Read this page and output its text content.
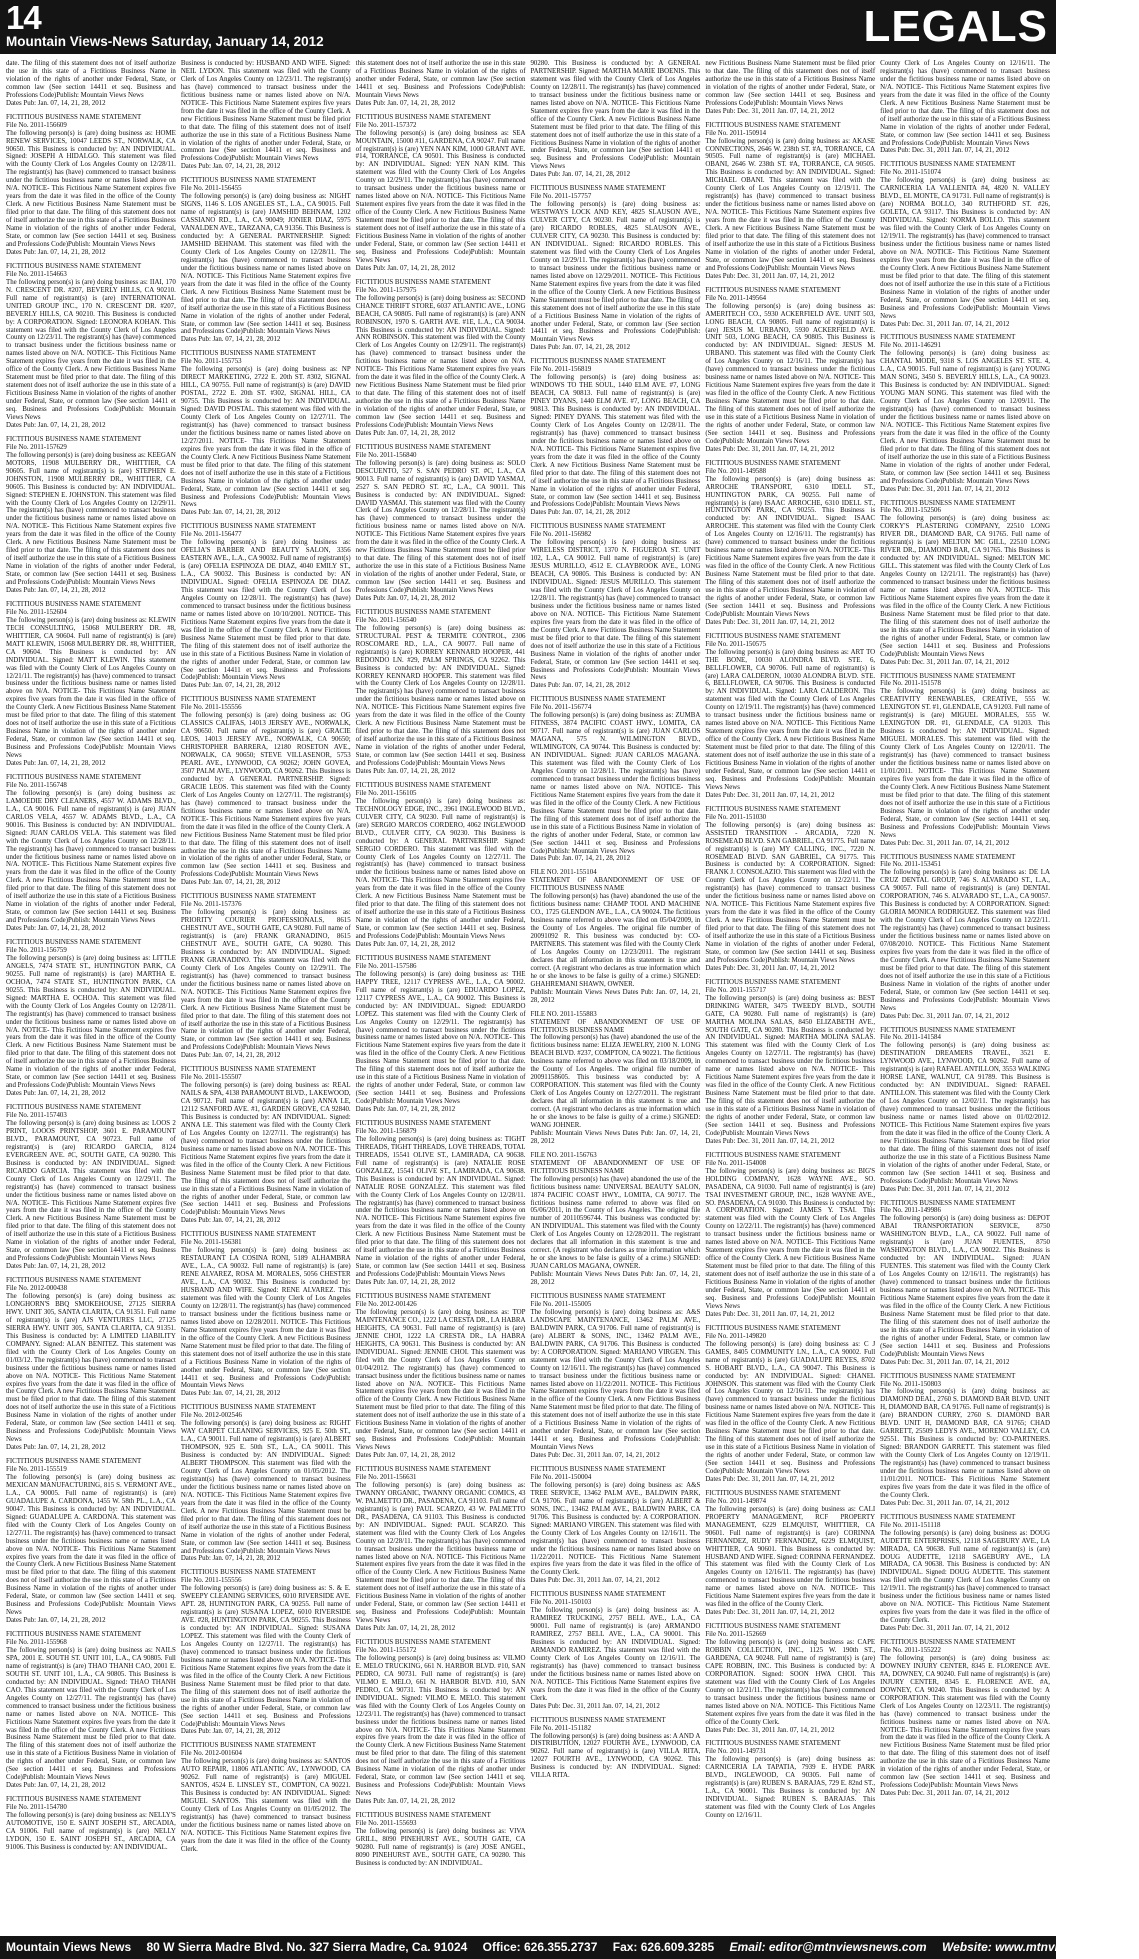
14
Mountain Views-News Saturday, January 14, 2012	LEGALS

date. The filing of this statement does not of itself authorize the use in this state of a Fictitious Business Name in violation of the rights of another under Federal, State, or common law (See section 14411 et seq. Business and Professions Code)Publish: Mountain Views News

Dates Pub: Jan. 07, 14, 21, 28, 2012

FICTITIOUS BUSINESS NAME STATEMENT

File No. 2011-156609

The following person(s) is (are) doing business as: HOME RENEW SERVICES, 10047 LEEDS ST., NORWALK, CA 90650. This Business is conducted by: AN INDIVIDUAL. Signed: JOSEPH A HIDALGO. This statement was filed with the County Clerk of Los Angeles County on 12/28/11. The registrant(s) has (have) commenced to transact business under the fictitious business name or names listed above on N/A. NOTICE- This Fictitious Name Statement expires five years from the date it was filed in the office of the County Clerk. A new Fictitious Business Name Statement must be filed prior to that date. The filing of this statement does not of itself authorize the use in this state of a Fictitious Business Name in violation of the rights of another under Federal, State, or common law (See section 14411 et seq. Business and Professions Code)Publish: Mountain Views News

Dates Pub: Jan. 07, 14, 21, 28, 2012

FICTITIOUS BUSINESS NAME STATEMENT

File No. 2011-154663

The following person(s) is (are) doing business as: IIAI, 170 N. CRESCENT DR. #207, BEVERLY HILLS, CA 90210. Full name of registrant(s) is (are) INTERNATIONAL UNITED GROUP INC., 170 N. CRESCENT DR. #207, BEVERLY HILLS, CA 90210. This Business is conducted by: A CORPORATION. Signed: LEONORA KOHAN. This statement was filed with the County Clerk of Los Angeles County on 12/23/11. The registrant(s) has (have) commenced to transact business under the fictitious business name or names listed above on N/A. NOTICE- This Fictitious Name Statement expires five years from the date it was filed in the office of the County Clerk. A new Fictitious Business Name Statement must be filed prior to that date. The filing of this statement does not of itself authorize the use in this state of a Fictitious Business Name in violation of the rights of another under Federal, State, or common law (See section 14411 et seq. Business and Professions Code)Publish: Mountain Views News

Dates Pub: Jan. 07, 14, 21, 28, 2012

FICTITIOUS BUSINESS NAME STATEMENT

File No. 2011-157629

The following person(s) is (are) doing business as: KEEGAN MOTORS, 11908 MULBERRY DR., WHITTIER, CA 90605. Full name of registrant(s) is (are) STEPHEN E. JOHNSTON, 11908 MULBERRY DR., WHITTIER, CA 90605. This Business is conducted by: AN INDIVIDUAL. Signed: STEPHEN E. JOHNSTON. This statement was filed with the County Clerk of Los Angeles County on 12/29/11. The registrant(s) has (have) commenced to transact business under the fictitious business name or names listed above on N/A. NOTICE- This Fictitious Name Statement expires five years from the date it was filed in the office of the County Clerk. A new Fictitious Business Name Statement must be filed prior to that date. The filing of this statement does not of itself authorize the use in this state of a Fictitious Business Name in violation of the rights of another under Federal, State, or common law (See section 14411 et seq. Business and Professions Code)Publish: Mountain Views News

Dates Pub: Jan. 07, 14, 21, 28, 2012

FICTITIOUS BUSINESS NAME STATEMENT

File No. 2011-152604

The following person(s) is (are) doing business as: KLEWIN TECH CONSULTING, 15068 MULBERRY DR. #8, WHITTIER, CA 90604. Full name of registrant(s) is (are) MATT KLEWIN, 15068 MULBERRY DR. #8, WHITTIER, CA 90604. This Business is conducted by: AN INDIVIDUAL. Signed: MATT KLEWIN. This statement was filed with the County Clerk of Los Angeles County on 12/21/11. The registrant(s) has (have) commenced to transact business under the fictitious business name or names listed above on N/A. NOTICE- This Fictitious Name Statement expires five years from the date it was filed in the office of the County Clerk. A new Fictitious Business Name Statement must be filed prior to that date. The filing of this statement does not of itself authorize the use in this state of a Fictitious Business Name in violation of the rights of another under Federal, State, or common law (See section 14411 et seq. Business and Professions Code)Publish: Mountain Views News

Dates Pub: Jan. 07, 14, 21, 28, 2012

FICTITIOUS BUSINESS NAME STATEMENT

File No. 2011-156748

The following person(s) is (are) doing business as: LAMOEDIE DRY CLEANERS, 4557 W. ADAMS BLVD., L.A., CA 90016. Full name of registrant(s) is (are) JUAN CARLOS VELA, 4557 W. ADAMS BLVD., L.A., CA 90016. This Business is conducted by: AN INDIVIDUAL. Signed: JUAN CARLOS VELA. This statement was filed with the County Clerk of Los Angeles County on 12/28/11. The registrant(s) has (have) commenced to transact business under the fictitious business name or names listed above on N/A. NOTICE- This Fictitious Name Statement expires five years from the date it was filed in the office of the County Clerk. A new Fictitious Business Name Statement must be filed prior to that date. The filing of this statement does not of itself authorize the use in this state of a Fictitious Business Name in violation of the rights of another under Federal, State, or common law (See section 14411 et seq. Business and Professions Code)Publish: Mountain Views News

Dates Pub: Jan. 07, 14, 21, 28, 2012

FICTITIOUS BUSINESS NAME STATEMENT

File No. 2011-156759

The following person(s) is (are) doing business as: LITTLE ANGELS, 7474 STATE ST., HUNTINGTON PARK, CA 90255. Full name of registrant(s) is (are) MARTHA E. OCHOA, 7474 STATE ST., HUNTINGTON PARK, CA 90255. This Business is conducted by: AN INDIVIDUAL. Signed: MARTHA E. OCHOA. This statement was filed with the County Clerk of Los Angeles County on 12/28/11. The registrant(s) has (have) commenced to transact business under the fictitious business name or names listed above on N/A. NOTICE- This Fictitious Name Statement expires five years from the date it was filed in the office of the County Clerk. A new Fictitious Business Name Statement must be filed prior to that date. The filing of this statement does not of itself authorize the use in this state of a Fictitious Business Name in violation of the rights of another under Federal, State, or common law (See section 14411 et seq. Business and Professions Code)Publish: Mountain Views News

Dates Pub: Jan. 07, 14, 21, 28, 2012

FICTITIOUS BUSINESS NAME STATEMENT

File No. 2011-157403

The following person(s) is (are) doing business as: LOOS 2 PRINT, LOOOS PRINTSHOP, 3601 E. PARAMOUNT BLVD., PARAMOUNT, CA 90723. Full name of registrant(s) is (are) RICARDO GARCIA, 8124 EVERGREEN AVE. #C, SOUTH GATE, CA 90280. This Business is conducted by: AN INDIVIDUAL. Signed: RICARDO GARCIA. This statement was filed with the County Clerk of Los Angeles County on 12/29/11. The registrant(s) has (have) commenced to transact business under the fictitious business name or names listed above on N/A. NOTICE- This Fictitious Name Statement expires five years from the date it was filed in the office of the County Clerk. A new Fictitious Business Name Statement must be filed prior to that date. The filing of this statement does not of itself authorize the use in this state of a Fictitious Business Name in violation of the rights of another under Federal, State, or common law (See section 14411 et seq. Business and Professions Code)Publish: Mountain Views News

Dates Pub: Jan. 07, 14, 21, 28, 2012

FICTITIOUS BUSINESS NAME STATEMENT

File No. 2012-000438

The following person(s) is (are) doing business as: LONGHORN'S BBQ SMOKEHOUSE, 27125 SIERRA HWY. UNIT 305, SANTA CLARITA, CA 91351. Full name of registrant(s) is (are) AJS VENTURES LLC, 27125 SIERRA HWY. UNIT 305, SANTA CLARITA, CA 91351. This Business is conducted by: A LIMITED LIABILITY COMPANY. Signed: ALAN BENITEZ. This statement was filed with the County Clerk of Los Angeles County on 01/03/12. The registrant(s) has (have) commenced to transact business under the fictitious business name or names listed above on N/A. NOTICE- This Fictitious Name Statement expires five years from the date it was filed in the office of the County Clerk. A new Fictitious Business Name Statement must be filed prior to that date. The filing of this statement does not of itself authorize the use in this state of a Fictitious Business Name in violation of the rights of another under Federal, State, or common law (See section 14411 et seq. Business and Professions Code)Publish: Mountain Views News

Dates Pub: Jan. 07, 14, 21, 28, 2012

FICTITIOUS BUSINESS NAME STATEMENT

File No. 2011-155519

The following person(s) is (are) doing business as: MEXICAN MANUFACTURING, 815 S. VERMONT AVE., L.A., CA 90005. Full name of registrant(s) is (are) GUADALUPE A. CARDONA, 1455 W. 58th PL., L.A., CA 90047. This Business is conducted by: AN INDIVIDUAL. Signed: GUADALUPE A. CARDONA. This statement was filed with the County Clerk of Los Angeles County on 12/27/11. The registrant(s) has (have) commenced to transact business under the fictitious business name or names listed above on N/A. NOTICE- This Fictitious Name Statement expires five years from the date it was filed in the office of the County Clerk. A new Fictitious Business Name Statement must be filed prior to that date. The filing of this statement does not of itself authorize the use in this state of a Fictitious Business Name in violation of the rights of another under Federal, State, or common law (See section 14411 et seq. Business and Professions Code)Publish: Mountain Views News

Dates Pub: Jan. 07, 14, 21, 28, 2012

FICTITIOUS BUSINESS NAME STATEMENT

File No. 2011-155968

The following person(s) is (are) doing business as: NAILS SPA, 2001 E. SOUTH ST. UNIT 101, L.A., CA 90805. Full name of registrant(s) is (are) THAO THANH CAO, 2001 E. SOUTH ST. UNIT 101, L.A., CA 90805. This Business is conducted by: AN INDIVIDUAL. Signed: THAO THANH CAO. This statement was filed with the County Clerk of Los Angeles County on 12/27/11. The registrant(s) has (have) commenced to transact business under the fictitious business name or names listed above on N/A. NOTICE- This Fictitious Name Statement expires five years from the date it was filed in the office of the County Clerk. A new Fictitious Business Name Statement must be filed prior to that date. The filing of this statement does not of itself authorize the use in this state of a Fictitious Business Name in violation of the rights of another under Federal, State, or common law (See section 14411 et seq. Business and Professions Code)Publish: Mountain Views News

Dates Pub: Jan. 07, 14, 21, 28, 2012

FICTITIOUS BUSINESS NAME STATEMENT

File No. 2011-154780

The following person(s) is (are) doing business as: NELLY'S AUTOMOTIVE, 150 E. SAINT JOSEPH ST., ARCADIA, CA 91006. Full name of registrant(s) is (are) NELLY LYDON, 150 E. SAINT JOSEPH ST., ARCADIA, CA 91006. This Business is conducted by: AN INDIVIDUAL.

Business is conducted by: HUSBAND AND WIFE. Signed: NEIL LYDON. This statement was filed with the County Clerk of Los Angeles County on 12/23/11. The registrant(s) has (have) commenced to transact business under the fictitious business name or names listed above on N/A. NOTICE- This Fictitious Name Statement expires five years from the date it was filed in the office of the County Clerk. A new Fictitious Business Name Statement must be filed prior to that date. The filing of this statement does not of itself authorize the use in this state of a Fictitious Business Name in violation of the rights of another under Federal, State, or common law (See section 14411 et seq. Business and Professions Code)Publish: Mountain Views News

Dates Pub: Jan. 07, 14, 21, 28, 2012

FICTITIOUS BUSINESS NAME STATEMENT

File No. 2011-156455

The following person(s) is (are) doing business as: NIGHT SIGNS, 1146 S. LOS ANGELES ST., L.A., CA 90015. Full name of registrant(s) is (are) JAMSHID BEHNAM, 1202 CASSIANO RD., L.A., CA 90049; JONIER DIAZ, 5975 VANALDEN AVE., TARZANA, CA 91356. This Business is conducted by: A GENERAL PARTNERSHIP. Signed: JAMSHID BEHNAM. This statement was filed with the County Clerk of Los Angeles County on 12/28/11. The registrant(s) has (have) commenced to transact business under the fictitious business name or names listed above on N/A. NOTICE- This Fictitious Name Statement expires five years from the date it was filed in the office of the County Clerk. A new Fictitious Business Name Statement must be filed prior to that date. The filing of this statement does not of itself authorize the use in this state of a Fictitious Business Name in violation of the rights of another under Federal, State, or common law (See section 14411 et seq. Business and Professions Code)Publish: Mountain Views News

Dates Pub: Jan. 07, 14, 21, 28, 2012

FICTITIOUS BUSINESS NAME STATEMENT

File No. 2011-155753

The following person(s) is (are) doing business as: NP DIRECT MARKETING, 2722 E. 20th ST. #302, SIGNAL HILL, CA 90755. Full name of registrant(s) is (are) DAVID POSTAL, 2722 E. 20th ST. #302, SIGNAL HILL, CA 90755. This Business is conducted by: AN INDIVIDUAL. Signed: DAVID POSTAL. This statement was filed with the County Clerk of Los Angeles County on 12/27/11. The registrant(s) has (have) commenced to transact business under the fictitious business name or names listed above on 12/27/2011. NOTICE- This Fictitious Name Statement expires five years from the date it was filed in the office of the County Clerk. A new Fictitious Business Name Statement must be filed prior to that date. The filing of this statement does not of itself authorize the use in this state of a Fictitious Business Name in violation of the rights of another under Federal, State, or common law (See section 14411 et seq. Business and Professions Code)Publish: Mountain Views News

Dates Pub: Jan. 07, 14, 21, 28, 2012

FICTITIOUS BUSINESS NAME STATEMENT

File No. 2011-156477

The following person(s) is (are) doing business as: OFELIA'S BARBER AND BEAUTY SALON, 3356 EASTERN AVE., L.A., CA 90032. Full name of registrant(s) is (are) OFELIA ESPINOZA DE DIAZ, 4040 EMILY ST., L.A., CA 90032. This Business is conducted by: AN INDIVIDUAL. Signed: OFELIA ESPINOZA DE DIAZ. This statement was filed with the County Clerk of Los Angeles County on 12/28/11. The registrant(s) has (have) commenced to transact business under the fictitious business name or names listed above on 10/10/2001. NOTICE- This Fictitious Name Statement expires five years from the date it was filed in the office of the County Clerk. A new Fictitious Business Name Statement must be filed prior to that date. The filing of this statement does not of itself authorize the use in this state of a Fictitious Business Name in violation of the rights of another under Federal, State, or common law (See section 14411 et seq. Business and Professions Code)Publish: Mountain Views News

Dates Pub: Jan. 07, 14, 21, 28, 2012

FICTITIOUS BUSINESS NAME STATEMENT

File No. 2011-155556

The following person(s) is (are) doing business as: OG CLASSICS CALIFAS, 14013 JERSEY AVE., NORWALK, CA 90650. Full name of registrant(s) is (are) GRACIE LEOS, 14013 JERSEY AVE., NORWALK, CA 90650; CHRISTOPHER BARRERA, 12180 ROSETON AVE., NORWALK, CA 90650; STEVE VILLASENOR, 5753 PEARL AVE., LYNWOOD, CA 90262; JOHN GOVEA, 3507 PALM AVE., LYNWOOD, CA 90262. This Business is conducted by: A GENERAL PARTNERSHIP. Signed: GRACIE LEOS. This statement was filed with the County Clerk of Los Angeles County on 12/27/11. The registrant(s) has (have) commenced to transact business under the fictitious business name or names listed above on N/A. NOTICE- This Fictitious Name Statement expires five years from the date it was filed in the office of the County Clerk. A new Fictitious Business Name Statement must be filed prior to that date. The filing of this statement does not of itself authorize the use in this state of a Fictitious Business Name in violation of the rights of another under Federal, State, or common law (See section 14411 et seq. Business and Professions Code)Publish: Mountain Views News

Dates Pub: Jan. 07, 14, 21, 28, 2012

FICTITIOUS BUSINESS NAME STATEMENT

File No. 2011-157376

The following person(s) is (are) doing business as: PRIORITY COURIER PROFESSIONALS, 8615 CHESTNUT AVE., SOUTH GATE, CA 90280. Full name of registrant(s) is (are) FRANK GRANADINO, 8615 CHESTNUT AVE., SOUTH GATE, CA 90280. This Business is conducted by: AN INDIVIDUAL. Signed: FRANK GRANADINO. This statement was filed with the County Clerk of Los Angeles County on 12/29/11. The registrant(s) has (have) commenced to transact business under the fictitious business name or names listed above on N/A. NOTICE- This Fictitious Name Statement expires five years from the date it was filed in the office of the County Clerk. A new Fictitious Business Name Statement must be filed prior to that date. The filing of this statement does not of itself authorize the use in this state of a Fictitious Business Name in violation of the rights of another under Federal, State, or common law (See section 14411 et seq. Business and Professions Code)Publish: Mountain Views News

Dates Pub: Jan. 07, 14, 21, 28, 2012

FICTITIOUS BUSINESS NAME STATEMENT

File No. 2011-155507

The following person(s) is (are) doing business as: REAL NAILS & SPA, 4138 PARAMOUNT BLVD., LAKEWOOD, CA 90712. Full name of registrant(s) is (are) ANNA LE, 12112 SANFORD AVE. #1, GARDEN GROVE, CA 92840. This Business is conducted by: AN INDIVIDUAL. Signed: ANNA LE. This statement was filed with the County Clerk of Los Angeles County on 12/27/11. The registrant(s) has (have) commenced to transact business under the fictitious business name or names listed above on N/A. NOTICE- This Fictitious Name Statement expires five years from the date it was filed in the office of the County Clerk. A new Fictitious Business Name Statement must be filed prior to that date. The filing of this statement does not of itself authorize the use in this state of a Fictitious Business Name in violation of the rights of another under Federal, State, or common law (See section 14411 et seq. Business and Professions Code)Publish: Mountain Views News

Dates Pub: Jan. 07, 14, 21, 28, 2012

FICTITIOUS BUSINESS NAME STATEMENT

File No. 2011-156381

The following person(s) is (are) doing business as: RESTAURANT LA COSINA RONI, 5189 ALHAMBRA AVE., L.A., CA 90032. Full name of registrant(s) is (are) RENE ALVAREZ, ROSA M. MORALES, 5056 CHESTER AVE., L.A., CA 90032. This Business is conducted by: HUSBAND AND WIFE. Signed: RENE ALVAREZ. This statement was filed with the County Clerk of Los Angeles County on 12/28/11. The registrant(s) has (have) commenced to transact business under the fictitious business name or names listed above on 12/28/2011. NOTICE- This Fictitious Name Statement expires five years from the date it was filed in the office of the County Clerk. A new Fictitious Business Name Statement must be filed prior to that date. The filing of this statement does not of itself authorize the use in this state of a Fictitious Business Name in violation of the rights of another under Federal, State, or common law (See section 14411 et seq. Business and Professions Code)Publish: Mountain Views News

Dates Pub: Jan. 07, 14, 21, 28, 2012

FICTITIOUS BUSINESS NAME STATEMENT

File No. 2012-002546

The following person(s) is (are) doing business as: RIGHT WAY CARPET CLEANING SERVICES, 925 E. 50th ST., L.A., CA 90011. Full name of registrant(s) is (are) ALBERT THOMPSON, 925 E. 50th ST., L.A., CA 90011. This Business is conducted by: AN INDIVIDUAL. Signed: ALBERT THOMPSON. This statement was filed with the County Clerk of Los Angeles County on 01/05/2012. The registrant(s) has (have) commenced to transact business under the fictitious business name or names listed above on N/A. NOTICE- This Fictitious Name Statement expires five years from the date it was filed in the office of the County Clerk. A new Fictitious Business Name Statement must be filed prior to that date. The filing of this statement does not of itself authorize the use in this state of a Fictitious Business Name in violation of the rights of another under Federal, State, or common law (See section 14411 et seq. Business and Professions Code)Publish: Mountain Views News

Dates Pub: Jan. 07, 14, 21, 28, 2012

FICTITIOUS BUSINESS NAME STATEMENT

File No. 2011-155556

The following person(s) is (are) doing business as: S. & E. SWEEPY CLEANING SERVICES, 6010 RIVERSIDE AVE. APT. 28, HUNTINGTON PARK, CA 90255. Full name of registrant(s) is (are) SUSANA LOPEZ, 6010 RIVERSIDE AVE. #28, HUNTINGTON PARK, CA 90255. This Business is conducted by: AN INDIVIDUAL. Signed: SUSANA LOPEZ. This statement was filed with the County Clerk of Los Angeles County on 12/27/11. The registrant(s) has (have) commenced to transact business under the fictitious business name or names listed above on N/A. NOTICE- This Fictitious Name Statement expires five years from the date it was filed in the office of the County Clerk. A new Fictitious Business Name Statement must be filed prior to that date. The filing of this statement does not of itself authorize the use in this state of a Fictitious Business Name in violation of the rights of another under Federal, State, or common law (See section 14411 et seq. Business and Professions Code)Publish: Mountain Views News

Dates Pub: Jan. 07, 14, 21, 28, 2012

FICTITIOUS BUSINESS NAME STATEMENT

File No. 2012-001604

The following person(s) is (are) doing business as: SANTOS AUTO REPAIR, 11806 ATLANTIC AV., LYNWOOD, CA 90262. Full name of registrant(s) is (are) MIGUEL SANTOS, 4524 E. LINSLEY ST., COMPTON, CA 90221. This Business is conducted by: AN INDIVIDUAL. Signed: MIGUEL SANTOS. This statement was filed with the County Clerk of Los Angeles County on 01/05/2012. The registrant(s) has (have) commenced to transact business under the fictitious business name or names listed above on N/A. NOTICE- This Fictitious Name Statement expires five years from the date it was filed in the office of the County Clerk.

this statement does not of itself authorize the use in this state of a Fictitious Business Name in violation of the rights of another under Federal, State, or common law (See section 14411 et seq. Business and Professions Code)Publish: Mountain Views News

Dates Pub: Jan. 07, 14, 21, 28, 2012

FICTITIOUS BUSINESS NAME STATEMENT

File No. 2011-157372

The following person(s) is (are) doing business as: SEA MOUNTAIN, 15000 #11, GARDENA, CA 90247. Full name of registrant(s) is (are) YEN NAN KIM, 1000 GRANT AVE. #14, TORRANCE, CA 90501. This Business is conducted by: AN INDIVIDUAL. Signed: YEN NAN KIM. This statement was filed with the County Clerk of Los Angeles County on 12/29/11. The registrant(s) has (have) commenced to transact business under the fictitious business name or names listed above on N/A. NOTICE- This Fictitious Name Statement expires five years from the date it was filed in the office of the County Clerk. A new Fictitious Business Name Statement must be filed prior to that date. The filing of this statement does not of itself authorize the use in this state of a Fictitious Business Name in violation of the rights of another under Federal, State, or common law (See section 14411 et seq. Business and Professions Code)Publish: Mountain Views News

Dates Pub: Jan. 07, 14, 21, 28, 2012

FICTITIOUS BUSINESS NAME STATEMENT

File No. 2011-157975

The following person(s) is (are) doing business as: SECOND CHANCE THRIFT STORE, 6037 ATLANTIC AVE., LONG BEACH, CA 90805. Full name of registrant(s) is (are) ANN ROBINSON, 1970 S. GARTH AVE. #1E, L.A., CA 90034. This Business is conducted by: AN INDIVIDUAL. Signed: ANN ROBINSON. This statement was filed with the County Clerk of Los Angeles County on 12/29/11. The registrant(s) has (have) commenced to transact business under the fictitious business name or names listed above on N/A. NOTICE- This Fictitious Name Statement expires five years from the date it was filed in the office of the County Clerk. A new Fictitious Business Name Statement must be filed prior to that date. The filing of this statement does not of itself authorize the use in this state of a Fictitious Business Name in violation of the rights of another under Federal, State, or common law (See section 14411 et seq. Business and Professions Code)Publish: Mountain Views News

Dates Pub: Jan. 07, 14, 21, 28, 2012

FICTITIOUS BUSINESS NAME STATEMENT

File No. 2011-156840

The following person(s) is (are) doing business as: SOLO DESCUENTO, 527 S. SAN PEDRO ST. #C, L.A., CA 90013. Full name of registrant(s) is (are) DAVID YASMAJ, 2527 S. SAN PEDRO ST. #C, L.A., CA 90011. This Business is conducted by: AN INDIVIDUAL. Signed: DAVID YASMAJ. This statement was filed with the County Clerk of Los Angeles County on 12/28/11. The registrant(s) has (have) commenced to transact business under the fictitious business name or names listed above on N/A. NOTICE- This Fictitious Name Statement expires five years from the date it was filed in the office of the County Clerk. A new Fictitious Business Name Statement must be filed prior to that date. The filing of this statement does not of itself authorize the use in this state of a Fictitious Business Name in violation of the rights of another under Federal, State, or common law (See section 14411 et seq. Business and Professions Code)Publish: Mountain Views News

Dates Pub: Jan. 07, 14, 21, 28, 2012

FICTITIOUS BUSINESS NAME STATEMENT

File No. 2011-156540

The following person(s) is (are) doing business as: STRUCTURAL PEST & TERMITE CONTROL, 2306 ROSCOMARE RD., L.A., CA 90077. Full name of registrant(s) is (are) KORREY KENNARD HOOPER, 441 REDONDO LN. #29, PALM SPRINGS, CA 92262. This Business is conducted by: AN INDIVIDUAL. Signed: KORREY KENNARD HOOPER. This statement was filed with the County Clerk of Los Angeles County on 12/28/11. The registrant(s) has (have) commenced to transact business under the fictitious business name or names listed above on N/A. NOTICE- This Fictitious Name Statement expires five years from the date it was filed in the office of the County Clerk. A new Fictitious Business Name Statement must be filed prior to that date. The filing of this statement does not of itself authorize the use in this state of a Fictitious Business Name in violation of the rights of another under Federal, State, or common law (See section 14411 et seq. Business and Professions Code)Publish: Mountain Views News

Dates Pub: Jan. 07, 14, 21, 28, 2012

FICTITIOUS BUSINESS NAME STATEMENT

File No. 2011-156105

The following person(s) is (are) doing business as: TECHNOLOGY EDGE, INC., 3961 INGLEWOOD BLVD., CULVER CITY, CA 90230. Full name of registrant(s) is (are) SERGIO MARCOS CORDERO, 4062 INGLEWOOD BLVD., CULVER CITY, CA 90230. This Business is conducted by: A GENERAL PARTNERSHIP. Signed: SERGIO CORDERO. This statement was filed with the County Clerk of Los Angeles County on 12/27/11. The registrant(s) has (have) commenced to transact business under the fictitious business name or names listed above on N/A. NOTICE- This Fictitious Name Statement expires five years from the date it was filed in the office of the County Clerk. A new Fictitious Business Name Statement must be filed prior to that date. The filing of this statement does not of itself authorize the use in this state of a Fictitious Business Name in violation of the rights of another under Federal, State, or common law (See section 14411 et seq. Business and Professions Code)Publish: Mountain Views News

Dates Pub: Jan. 07, 14, 21, 28, 2012

FICTITIOUS BUSINESS NAME STATEMENT

File No. 2011-157586

The following person(s) is (are) doing business as: THE HAPPY TREE, 12117 CYPRESS AVE., L.A., CA 90002. Full name of registrant(s) is (are) EDUARDO LOPEZ, 12117 CYPRESS AVE., L.A., CA 90002. This Business is conducted by: AN INDIVIDUAL. Signed: EDUARDO LOPEZ. This statement was filed with the County Clerk of Los Angeles County on 12/29/11. The registrant(s) has (have) commenced to transact business under the fictitious business name or names listed above on N/A. NOTICE- This Fictitious Name Statement expires five years from the date it was filed in the office of the County Clerk. A new Fictitious Business Name Statement must be filed prior to that date. The filing of this statement does not of itself authorize the use in this state of a Fictitious Business Name in violation of the rights of another under Federal, State, or common law (See section 14411 et seq. Business and Professions Code)Publish: Mountain Views News

Dates Pub: Jan. 07, 14, 21, 28, 2012

FICTITIOUS BUSINESS NAME STATEMENT

File No. 2011-156879

The following person(s) is (are) doing business as: TIGHT THREADS, TIGHT THREADS, LOVE THREADS, TOTAL THREADS, 15541 OLIVE ST., LAMIRADA, CA 90638. Full name of registrant(s) is (are) NATALIE ROSE GONZALEZ, 15541 OLIVE ST., LAMIRADA, CA 90638. This Business is conducted by: AN INDIVIDUAL. Signed: NATALIE ROSE GONZALEZ. This statement was filed with the County Clerk of Los Angeles County on 12/28/11. The registrant(s) has (have) commenced to transact business under the fictitious business name or names listed above on N/A. NOTICE- This Fictitious Name Statement expires five years from the date it was filed in the office of the County Clerk. A new Fictitious Business Name Statement must be filed prior to that date. The filing of this statement does not of itself authorize the use in this state of a Fictitious Business Name in violation of the rights of another under Federal, State, or common law (See section 14411 et seq. Business and Professions Code)Publish: Mountain Views News

Dates Pub: Jan. 07, 14, 21, 28, 2012

FICTITIOUS BUSINESS NAME STATEMENT

File No. 2012-001426

The following person(s) is (are) doing business as: TOP MAINTENANCE CO., 1222 LA CRESTA DR., LA HABRA HEIGHTS, CA 90631. Full name of registrant(s) is (are) JENNIE CHOI, 1222 LA CRESTA DR., LA HABRA HEIGHTS, CA 90631. This Business is conducted by: AN INDIVIDUAL. Signed: JENNIE CHOI. This statement was filed with the County Clerk of Los Angeles County on 01/04/2012. The registrant(s) has (have) commenced to transact business under the fictitious business name or names listed above on N/A. NOTICE- This Fictitious Name Statement expires five years from the date it was filed in the office of the County Clerk. A new Fictitious Business Name Statement must be filed prior to that date. The filing of this statement does not of itself authorize the use in this state of a Fictitious Business Name in violation of the rights of another under Federal, State, or common law (See section 14411 et seq. Business and Professions Code)Publish: Mountain Views News

Dates Pub: Jan. 07, 14, 21, 28, 2012

FICTITIOUS BUSINESS NAME STATEMENT

File No. 2011-156631

The following person(s) is (are) doing business as: TWANNY ORGANIC, TWANNY ORGANIC COMICS, 43 W. PALMETTO DR., PASADENA, CA 91103. Full name of registrant(s) is (are) PAUL SCARZO, 43 W. PALMETTO DR., PASADENA, CA 91103. This Business is conducted by: AN INDIVIDUAL. Signed: PAUL SCARZO. This statement was filed with the County Clerk of Los Angeles County on 12/28/11. The registrant(s) has (have) commenced to transact business under the fictitious business name or names listed above on N/A. NOTICE- This Fictitious Name Statement expires five years from the date it was filed in the office of the County Clerk. A new Fictitious Business Name Statement must be filed prior to that date. The filing of this statement does not of itself authorize the use in this state of a Fictitious Business Name in violation of the rights of another under Federal, State, or common law (See section 14411 et seq. Business and Professions Code)Publish: Mountain Views News

Dates Pub: Jan. 07, 14, 21, 28, 2012

FICTITIOUS BUSINESS NAME STATEMENT

File No. 2011-155172

The following person(s) is (are) doing business as: VILMO E. MELO TRUCKING, 661 N. HARBOR BLVD. #10, SAN PEDRO, CA 90731. Full name of registrant(s) is (are) VILMO E. MELO, 661 N. HARBOR BLVD. #10, SAN PEDRO, CA 90731. This Business is conducted by: AN INDIVIDUAL. Signed: VILMO E. MELO. This statement was filed with the County Clerk of Los Angeles County on 12/23/11. The registrant(s) has (have) commenced to transact business under the fictitious business name or names listed above on N/A. NOTICE- This Fictitious Name Statement expires five years from the date it was filed in the office of the County Clerk. A new Fictitious Business Name Statement must be filed prior to that date. The filing of this statement does not of itself authorize the use in this state of a Fictitious Business Name in violation of the rights of another under Federal, State, or common law (See section 14411 et seq. Business and Professions Code)Publish: Mountain Views News

Dates Pub: Jan. 07, 14, 21, 28, 2012

FICTITIOUS BUSINESS NAME STATEMENT

File No. 2011-155693

The following person(s) is (are) doing business as: VIVA GRILL, 8090 PINEHURST AVE., SOUTH GATE, CA 90280. Full name of registrant(s) is (are) JOSE ANGEL, 8090 PINEHURST AVE., SOUTH GATE, CA 90280. This Business is conducted by: AN INDIVIDUAL.

90280. This Business is conducted by: A GENERAL PARTNERSHIP. Signed: MARTHA MARIE IBOENIS. This statement was filed with the County Clerk of Los Angeles County on 12/28/11. The registrant(s) has (have) commenced to transact business under the fictitious business name or names listed above on N/A. NOTICE- This Fictitious Name Statement expires five years from the date it was filed in the office of the County Clerk. A new Fictitious Business Name Statement must be filed prior to that date. The filing of this statement does not of itself authorize the use in this state of a Fictitious Business Name in violation of the rights of another under Federal, State, or common law (See section 14411 et seq. Business and Professions Code)Publish: Mountain Views News

Dates Pub: Jan. 07, 14, 21, 28, 2012

FICTITIOUS BUSINESS NAME STATEMENT

File No. 2011-157757

The following person(s) is (are) doing business as: WESTWAYS LOCK AND KEY, 4825 SLAUSON AVE., CULVER CITY, CA 90230. Full name of registrant(s) is (are) RICARDO ROBLES, 4825 SLAUSON AVE., CULVER CITY, CA 90230. This Business is conducted by: AN INDIVIDUAL. Signed: RICARDO ROBLES. This statement was filed with the County Clerk of Los Angeles County on 12/29/11. The registrant(s) has (have) commenced to transact business under the fictitious business name or names listed above on 12/29/2011. NOTICE- This Fictitious Name Statement expires five years from the date it was filed in the office of the County Clerk. A new Fictitious Business Name Statement must be filed prior to that date. The filing of this statement does not of itself authorize the use in this state of a Fictitious Business Name in violation of the rights of another under Federal, State, or common law (See section 14411 et seq. Business and Professions Code)Publish: Mountain Views News

Dates Pub: Jan. 07, 14, 21, 28, 2012

FICTITIOUS BUSINESS NAME STATEMENT

File No. 2011-156819

The following person(s) is (are) doing business as: WINDOWS TO THE SOUL, 1440 ELM AVE. #7, LONG BEACH, CA 90813. Full name of registrant(s) is (are) PINEY DYANS, 1440 ELM AVE. #7, LONG BEACH, CA 90813. This Business is conducted by: AN INDIVIDUAL. Signed: PINEY DYANS. This statement was filed with the County Clerk of Los Angeles County on 12/28/11. The registrant(s) has (have) commenced to transact business under the fictitious business name or names listed above on N/A. NOTICE- This Fictitious Name Statement expires five years from the date it was filed in the office of the County Clerk. A new Fictitious Business Name Statement must be filed prior to that date. The filing of this statement does not of itself authorize the use in this state of a Fictitious Business Name in violation of the rights of another under Federal, State, or common law (See section 14411 et seq. Business and Professions Code)Publish: Mountain Views News

Dates Pub: Jan. 07, 14, 21, 28, 2012

FICTITIOUS BUSINESS NAME STATEMENT

File No. 2011-156982

The following person(s) is (are) doing business as: WIRELESS DISTRICT, 1370 N. FIGUEROA ST. UNIT 102, L.A., CA 90012. Full name of registrant(s) is (are) JESUS MURILLO, 4512 E. CLAYBROOK AVE., LONG BEACH, CA 90805. This Business is conducted by: AN INDIVIDUAL. Signed: JESUS MURILLO. This statement was filed with the County Clerk of Los Angeles County on 12/28/11. The registrant(s) has (have) commenced to transact business under the fictitious business name or names listed above on N/A. NOTICE- This Fictitious Name Statement expires five years from the date it was filed in the office of the County Clerk. A new Fictitious Business Name Statement must be filed prior to that date. The filing of this statement does not of itself authorize the use in this state of a Fictitious Business Name in violation of the rights of another under Federal, State, or common law (See section 14411 et seq. Business and Professions Code)Publish: Mountain Views News

Dates Pub: Jan. 07, 14, 21, 28, 2012

FICTITIOUS BUSINESS NAME STATEMENT

File No. 2011-156774

The following person(s) is (are) doing business as: ZUMBA FITNESS, 3874 PACIFIC COAST HWY., LOMITA, CA 90717. Full name of registrant(s) is (are) JUAN CARLOS MAGANA, 575 N. WILMINGTON BLVD., WILMINGTON, CA 90744. This Business is conducted by: AN INDIVIDUAL. Signed: JUAN CARLOS MAGANA. This statement was filed with the County Clerk of Los Angeles County on 12/28/11. The registrant(s) has (have) commenced to transact business under the fictitious business name or names listed above on N/A. NOTICE- This Fictitious Name Statement expires five years from the date it was filed in the office of the County Clerk. A new Fictitious Business Name Statement must be filed prior to that date. The filing of this statement does not of itself authorize the use in this state of a Fictitious Business Name in violation of the rights of another under Federal, State, or common law (See section 14411 et seq. Business and Professions Code)Publish: Mountain Views News

Dates Pub: Jan. 07, 14, 21, 28, 2012

FILE NO. 2011-155104

STATEMENT OF ABANDONMENT OF USE OF FICTITIOUS BUSINESS NAME

The following person(s) has (have) abandoned the use of the fictitious business name: CHAMP TOOL AND MACHINE CO., 1725 GLENDON AVE., L.A., CA 90024. The fictitious business name referred to above was filed on 05/04/2009, in the County of Los Angeles. The original file number of 20091092 R. This business was conducted by: CO-PARTNERS. This statement was filed with the County Clerk of Los Angeles County on 12/23/2011. The registrant declares that all information in this statement is true and correct. (A registrant who declares as true information which he or she knows to be false is guilty of a crime.) SIGNED: GHAHREMANI SHAWN, OWNER.

Publish: Mountain Views News Dates Pub: Jan. 07, 14, 21, 28, 2012

FILE NO. 2011-155883

STATEMENT OF ABANDONMENT OF USE OF FICTITIOUS BUSINESS NAME

The following person(s) has (have) abandoned the use of the fictitious business name: ELIZA JEWELRY, 2100 N. LONG BEACH BLVD. #237, COMPTON, CA 90221. The fictitious business name referred to above was filed on 03/18/2009, in the County of Los Angeles. The original file number of 20091158605. This business was conducted by: A CORPORATION. This statement was filed with the County Clerk of Los Angeles County on 12/27/2011. The registrant declares that all information in this statement is true and correct. (A registrant who declares as true information which he or she knows to be false is guilty of a crime.) SIGNED: WANG JOHNER.

Publish: Mountain Views News Dates Pub: Jan. 07, 14, 21, 28, 2012

FILE NO. 2011-156763

STATEMENT OF ABANDONMENT OF USE OF FICTITIOUS BUSINESS NAME

The following person(s) has (have) abandoned the use of the fictitious business name: UNIVERSAL BEAUTY SALON, 1874 PACIFIC COAST HWY., LOMITA, CA 90717. The fictitious business name referred to above was filed on 05/06/2011, in the County of Los Angeles. The original file number of 20110596744. This business was conducted by: AN INDIVIDUAL. This statement was filed with the County Clerk of Los Angeles County on 12/28/2011. The registrant declares that all information in this statement is true and correct. (A registrant who declares as true information which he or she knows to be false is guilty of a crime.) SIGNED: JUAN CARLOS MAGANA, OWNER.

Publish: Mountain Views News Dates Pub: Jan. 07, 14, 21, 28, 2012

FICTITIOUS BUSINESS NAME STATEMENT

File No. 2011-155005

The following person(s) is (are) doing business as: A&S LANDSCAPE MAINTENANCE, 13462 PALM AVE., BALDWIN PARK, CA 91706. Full name of registrant(s) is (are) ALBERT & SONS, INC., 13462 PALM AVE., BALDWIN PARK, CA 91706. This Business is conducted by: A CORPORATION. Signed: MARIANO VIRGEN. This statement was filed with the County Clerk of Los Angeles County on 12/16/11. The registrant(s) has (have) commenced to transact business under the fictitious business name or names listed above on 11/22/2011. NOTICE- This Fictitious Name Statement expires five years from the date it was filed in the office of the County Clerk. A new Fictitious Business Name Statement must be filed prior to that date. The filing of this statement does not of itself authorize the use in this state of a Fictitious Business Name in violation of the rights of another under Federal, State, or common law (See section 14411 et seq. Business and Professions Code)Publish: Mountain Views News

Dates Pub: Dec. 31, 2011 Jan. 07, 14, 21, 2012

FICTITIOUS BUSINESS NAME STATEMENT

File No. 2011-150004

The following person(s) is (are) doing business as: A&S TREE SERVICE, 13462 PALM AVE., BALDWIN PARK, CA 91706. Full name of registrant(s) is (are) ALBERT & SONS, INC., 13462 PALM AVE., BALDWIN PARK, CA 91706. This Business is conducted by: A CORPORATION. Signed: MARIANO VIRGEN. This statement was filed with the County Clerk of Los Angeles County on 12/16/11. The registrant(s) has (have) commenced to transact business under the fictitious business name or names listed above on 11/22/2011. NOTICE- This Fictitious Name Statement expires five years from the date it was filed in the office of the County Clerk.

Dates Pub: Dec. 31, 2011 Jan. 07, 14, 21, 2012

FICTITIOUS BUSINESS NAME STATEMENT

File No. 2011-150103

The following person(s) is (are) doing business as: A. RAMIREZ TRUCKING, 2757 BELL AVE., L.A., CA 90001. Full name of registrant(s) is (are) ARMANDO RAMIREZ, 2757 BELL AVE., L.A., CA 90001. This Business is conducted by: AN INDIVIDUAL. Signed: ARMANDO RAMIREZ. This statement was filed with the County Clerk of Los Angeles County on 12/16/11. The registrant(s) has (have) commenced to transact business under the fictitious business name or names listed above on N/A. NOTICE- This Fictitious Name Statement expires five years from the date it was filed in the office of the County Clerk.

Dates Pub: Dec. 31, 2011 Jan. 07, 14, 21, 2012

FICTITIOUS BUSINESS NAME STATEMENT

File No. 2011-151182

The following person(s) is (are) doing business as: A AND A DISTRIBUTION, 12027 FOURTH AVE., LYNWOOD, CA 90262. Full name of registrant(s) is (are) VILLA RITA, 12027 FOURTH AVE., LYNWOOD, CA 90262. This Business is conducted by: AN INDIVIDUAL. Signed: VILLA RITA.

new Fictitious Business Name Statement must be filed prior to that date. The filing of this statement does not of itself authorize the use in this state of a Fictitious Business Name in violation of the rights of another under Federal, State, or common law (See section 14411 et seq. Business and Professions Code)Publish: Mountain Views News

Dates Pub: Dec. 31, 2011 Jan. 07, 14, 21, 2012

FICTITIOUS BUSINESS NAME STATEMENT

File No. 2011-150914

The following person(s) is (are) doing business as: AKASE CONNECTIONS, 2646 W. 238th ST. #A, TORRANCE, CA 90505. Full name of registrant(s) is (are) MICHAEL OBANI, 2646 W. 238th ST. #A, TORRANCE, CA 90505. This Business is conducted by: AN INDIVIDUAL. Signed: MICHAEL OBANI. This statement was filed with the County Clerk of Los Angeles County on 12/19/11. The registrant(s) has (have) commenced to transact business under the fictitious business name or names listed above on N/A. NOTICE- This Fictitious Name Statement expires five years from the date it was filed in the office of the County Clerk. A new Fictitious Business Name Statement must be filed prior to that date. The filing of this statement does not of itself authorize the use in this state of a Fictitious Business Name in violation of the rights of another under Federal, State, or common law (See section 14411 et seq. Business and Professions Code)Publish: Mountain Views News

Dates Pub: Dec. 31, 2011 Jan. 07, 14, 21, 2012

FICTITIOUS BUSINESS NAME STATEMENT

File No. 2011-149564

The following person(s) is (are) doing business as: AMERITECH CO., 5930 ACKERFIELD AVE. UNIT 503, LONG BEACH, CA 90805. Full name of registrant(s) is (are) JESUS M. URBANO, 5930 ACKERFIELD AVE. UNIT 503, LONG BEACH, CA 90805. This Business is conducted by: AN INDIVIDUAL. Signed: JESUS M. URBANO. This statement was filed with the County Clerk of Los Angeles County on 12/16/11. The registrant(s) has (have) commenced to transact business under the fictitious business name or names listed above on N/A. NOTICE- This Fictitious Name Statement expires five years from the date it was filed in the office of the County Clerk. A new Fictitious Business Name Statement must be filed prior to that date. The filing of this statement does not of itself authorize the use in this state of a Fictitious Business Name in violation of the rights of another under Federal, State, or common law (See section 14411 et seq. Business and Professions Code)Publish: Mountain Views News

Dates Pub: Dec. 31, 2011 Jan. 07, 14, 21, 2012

FICTITIOUS BUSINESS NAME STATEMENT

File No. 2011-149588

The following person(s) is (are) doing business as: ARROCHE TRANSPORT, 6310 IDELL ST., HUNTINGTON PARK, CA 90255. Full name of registrant(s) is (are) ISAAC ARROCHE, 6310 IDELL ST., HUNTINGTON PARK, CA 90255. This Business is conducted by: AN INDIVIDUAL. Signed: ISAAC ARROCHE. This statement was filed with the County Clerk of Los Angeles County on 12/16/11. The registrant(s) has (have) commenced to transact business under the fictitious business name or names listed above on N/A. NOTICE- This Fictitious Name Statement expires five years from the date it was filed in the office of the County Clerk. A new Fictitious Business Name Statement must be filed prior to that date. The filing of this statement does not of itself authorize the use in this state of a Fictitious Business Name in violation of the rights of another under Federal, State, or common law (See section 14411 et seq. Business and Professions Code)Publish: Mountain Views News

Dates Pub: Dec. 31, 2011 Jan. 07, 14, 21, 2012

FICTITIOUS BUSINESS NAME STATEMENT

File No. 2011-150575

The following person(s) is (are) doing business as: ART TO THE BONE, 10030 ALONDRA BLVD. STE. 6, BELLFLOWER, CA 90706. Full name of registrant(s) is (are) LARA CALDERON, 10030 ALONDRA BLVD. STE. 6, BELLFLOWER, CA 90706. This Business is conducted by: AN INDIVIDUAL. Signed: LARA CALDERON. This statement was filed with the County Clerk of Los Angeles County on 12/19/11. The registrant(s) has (have) commenced to transact business under the fictitious business name or names listed above on N/A. NOTICE- This Fictitious Name Statement expires five years from the date it was filed in the office of the County Clerk. A new Fictitious Business Name Statement must be filed prior to that date. The filing of this statement does not of itself authorize the use in this state of a Fictitious Business Name in violation of the rights of another under Federal, State, or common law (See section 14411 et seq. Business and Professions Code)Publish: Mountain Views News

Dates Pub: Dec. 31, 2011 Jan. 07, 14, 21, 2012

FICTITIOUS BUSINESS NAME STATEMENT

File No. 2011-151030

The following person(s) is (are) doing business as: ASSISTED TRANSITION - ARCADIA, 7220 N. ROSEMEAD BLVD. SAN GABRIEL, CA 91775. Full name of registrant(s) is (are) MY CALLING, INC., 7220 N. ROSEMEAD BLVD. SAN GABRIEL, CA 91775. This Business is conducted by: A CORPORATION. Signed: FRANK J. CONSOLAZIO. This statement was filed with the County Clerk of Los Angeles County on 12/22/11. The registrant(s) has (have) commenced to transact business under the fictitious business name or names listed above on N/A. NOTICE- This Fictitious Name Statement expires five years from the date it was filed in the office of the County Clerk. A new Fictitious Business Name Statement must be filed prior to that date. The filing of this statement does not of itself authorize the use in this state of a Fictitious Business Name in violation of the rights of another under Federal, State, or common law (See section 14411 et seq. Business and Professions Code)Publish: Mountain Views News

Dates Pub: Dec. 31, 2011 Jan. 07, 14, 21, 2012

FICTITIOUS BUSINESS NAME STATEMENT

File No. 2011-155717

The following person(s) is (are) doing business as: BEST DRINKING WATER, 3475 TWEEDY BLVD., SOUTH GATE, CA 90280. Full name of registrant(s) is (are) MARTHA MOLINA SALAS, 8450 ELIZABETH AVE., SOUTH GATE, CA 90280. This Business is conducted by: AN INDIVIDUAL. Signed: MARTHA MOLINA SALAS. This statement was filed with the County Clerk of Los Angeles County on 12/27/11. The registrant(s) has (have) commenced to transact business under the fictitious business name or names listed above on N/A. NOTICE- This Fictitious Name Statement expires five years from the date it was filed in the office of the County Clerk. A new Fictitious Business Name Statement must be filed prior to that date. The filing of this statement does not of itself authorize the use in this state of a Fictitious Business Name in violation of the rights of another under Federal, State, or common law (See section 14411 et seq. Business and Professions Code)Publish: Mountain Views News

Dates Pub: Dec. 31, 2011 Jan. 07, 14, 21, 2012

FICTITIOUS BUSINESS NAME STATEMENT

File No. 2011-154008

The following person(s) is (are) doing business as: BIG'S HOLDING COMPANY, 1628 WAYNE AVE., SO. PASADENA, CA 91030. Full name of registrant(s) is (are) TSAI INVESTMENT GROUP, INC., 1628 WAYNE AVE., SO. PASADENA, CA 91030. This Business is conducted by: A CORPORATION. Signed: JAMES Y. TSAI. This statement was filed with the County Clerk of Los Angeles County on 12/22/11. The registrant(s) has (have) commenced to transact business under the fictitious business name or names listed above on N/A. NOTICE- This Fictitious Name Statement expires five years from the date it was filed in the office of the County Clerk. A new Fictitious Business Name Statement must be filed prior to that date. The filing of this statement does not of itself authorize the use in this state of a Fictitious Business Name in violation of the rights of another under Federal, State, or common law (See section 14411 et seq. Business and Professions Code)Publish: Mountain Views News

Dates Pub: Dec. 31, 2011 Jan. 07, 14, 21, 2012

FICTITIOUS BUSINESS NAME STATEMENT

File No. 2011-149820

The following person(s) is (are) doing business as: C J GAMES, 8405 COMMUNITY LN., L.A., CA 90002. Full name of registrant(s) is (are) GUADALUPE REYES, 8702 S. HOBART BLVD., L.A., CA 90047. This Business is conducted by: AN INDIVIDUAL. Signed: CHANEL JOHNSON. This statement was filed with the County Clerk of Los Angeles County on 12/16/11. The registrant(s) has (have) commenced to transact business under the fictitious business name or names listed above on N/A. NOTICE- This Fictitious Name Statement expires five years from the date it was filed in the office of the County Clerk. A new Fictitious Business Name Statement must be filed prior to that date. The filing of this statement does not of itself authorize the use in this state of a Fictitious Business Name in violation of the rights of another under Federal, State, or common law (See section 14411 et seq. Business and Professions Code)Publish: Mountain Views News

Dates Pub: Dec. 31, 2011 Jan. 07, 14, 21, 2012

FICTITIOUS BUSINESS NAME STATEMENT

File No. 2011-149874

The following person(s) is (are) doing business as: CALI PROPERTY MANAGEMENT, RCF PROPERTY MANAGEMENT, 6229 ELMQUIST, WHITTIER, CA 90601. Full name of registrant(s) is (are) CORINNA FERNANDEZ, RUDY FERNANDEZ, 6229 ELMQUIST, WHITTIER, CA 90601. This Business is conducted by: HUSBAND AND WIFE. Signed: CORINNA FERNANDEZ. This statement was filed with the County Clerk of Los Angeles County on 12/16/11. The registrant(s) has (have) commenced to transact business under the fictitious business name or names listed above on N/A. NOTICE- This Fictitious Name Statement expires five years from the date it was filed in the office of the County Clerk.

Dates Pub: Dec. 31, 2011 Jan. 07, 14, 21, 2012

FICTITIOUS BUSINESS NAME STATEMENT

File No. 2011-152669

The following person(s) is (are) doing business as: CAPE ROBBIN COLLECTION, INC., 1125 W. 190th ST., GARDENA, CA 90248. Full name of registrant(s) is (are) CAPE ROBBIN, INC. This Business is conducted by: A CORPORATION. Signed: SOON HWA CHOI. This statement was filed with the County Clerk of Los Angeles County on 12/21/11. The registrant(s) has (have) commenced to transact business under the fictitious business name or names listed above on N/A. NOTICE- This Fictitious Name Statement expires five years from the date it was filed in the office of the County Clerk.

Dates Pub: Dec. 31, 2011 Jan. 07, 14, 21, 2012

FICTITIOUS BUSINESS NAME STATEMENT

File No. 2011-149731

The following person(s) is (are) doing business as: CARNICERIA LA TAPATIA, 7939 E. HYDE PARK BLVD., INGLEWOOD, CA 90305. Full name of registrant(s) is (are) RUBEN S. BARAJAS, 729 E. 82nd ST., L.A., CA 90001. This Business is conducted by: AN INDIVIDUAL. Signed: RUBEN S. BARAJAS. This statement was filed with the County Clerk of Los Angeles County on 12/16/11.

County Clerk of Los Angeles County on 12/16/11. The registrant(s) has (have) commenced to transact business under the fictitious business name or names listed above on N/A. NOTICE- This Fictitious Name Statement expires five years from the date it was filed in the office of the County Clerk. A new Fictitious Business Name Statement must be filed prior to that date. The filing of this statement does not of itself authorize the use in this state of a Fictitious Business Name in violation of the rights of another under Federal, State, or common law (See section 14411 et seq. Business and Professions Code)Publish: Mountain Views News

Dates Pub: Dec. 31, 2011 Jan. 07, 14, 21, 2012

FICTITIOUS BUSINESS NAME STATEMENT

File No. 2011-151074

The following person(s) is (are) doing business as: CARNICERIA LA VALLENITA #4, 4820 N. VALLEY BLVD., EL MONTE, CA 91731. Full name of registrant(s) is (are) NORMA BOLLO, 340 RUTHFORD ST. #26, GOLETA, CA 93117. This Business is conducted by: AN INDIVIDUAL. Signed: NORMA BOLLO. This statement was filed with the County Clerk of Los Angeles County on 12/19/11. The registrant(s) has (have) commenced to transact business under the fictitious business name or names listed above on N/A. NOTICE- This Fictitious Name Statement expires five years from the date it was filed in the office of the County Clerk. A new Fictitious Business Name Statement must be filed prior to that date. The filing of this statement does not of itself authorize the use in this state of a Fictitious Business Name in violation of the rights of another under Federal, State, or common law (See section 14411 et seq. Business and Professions Code)Publish: Mountain Views News

Dates Pub: Dec. 31, 2011 Jan. 07, 14, 21, 2012

FICTITIOUS BUSINESS NAME STATEMENT

File No. 2011-146291

The following person(s) is (are) doing business as: CHANTAL MODE, 9318 S. LOS ANGELES ST. STE. 4, L.A., CA 90015. Full name of registrant(s) is (are) YOUNG MAN SONG, 3450 S. BEVERLY HILLS, L.A., CA 90023. This Business is conducted by: AN INDIVIDUAL. Signed: YOUNG MAN SONG. This statement was filed with the County Clerk of Los Angeles County on 12/09/11. The registrant(s) has (have) commenced to transact business under the fictitious business name or names listed above on N/A. NOTICE- This Fictitious Name Statement expires five years from the date it was filed in the office of the County Clerk. A new Fictitious Business Name Statement must be filed prior to that date. The filing of this statement does not of itself authorize the use in this state of a Fictitious Business Name in violation of the rights of another under Federal, State, or common law (See section 14411 et seq. Business and Professions Code)Publish: Mountain Views News

Dates Pub: Dec. 31, 2011 Jan. 07, 14, 21, 2012

FICTITIOUS BUSINESS NAME STATEMENT

File No. 2011-152506

The following person(s) is (are) doing business as: CORKY'S PLASTERING COMPANY, 22510 LONG RIVER DR., DIAMOND BAR, CA 91765. Full name of registrant(s) is (are) MELTON MC GILL, 22510 LONG RIVER DR., DIAMOND BAR, CA 91765. This Business is conducted by: AN INDIVIDUAL. Signed: MELTON MC GILL. This statement was filed with the County Clerk of Los Angeles County on 12/21/11. The registrant(s) has (have) commenced to transact business under the fictitious business name or names listed above on N/A. NOTICE- This Fictitious Name Statement expires five years from the date it was filed in the office of the County Clerk. A new Fictitious Business Name Statement must be filed prior to that date. The filing of this statement does not of itself authorize the use in this state of a Fictitious Business Name in violation of the rights of another under Federal, State, or common law (See section 14411 et seq. Business and Professions Code)Publish: Mountain Views News

Dates Pub: Dec. 31, 2011 Jan. 07, 14, 21, 2012

FICTITIOUS BUSINESS NAME STATEMENT

File No. 2011-151578

The following person(s) is (are) doing business as: CREATIVITY RENEWABLES, CREATIVE, 555 W. LEXINGTON ST. #1, GLENDALE, CA 91203. Full name of registrant(s) is (are) MIGUEL MORALES, 555 W. LEXINGTON DR. #1, GLENDALE, CA 91203. This Business is conducted by: AN INDIVIDUAL. Signed: MIGUEL MORALES. This statement was filed with the County Clerk of Los Angeles County on 12/20/11. The registrant(s) has (have) commenced to transact business under the fictitious business name or names listed above on 11/01/2011. NOTICE- This Fictitious Name Statement expires five years from the date it was filed in the office of the County Clerk. A new Fictitious Business Name Statement must be filed prior to that date. The filing of this statement does not of itself authorize the use in this state of a Fictitious Business Name in violation of the rights of another under Federal, State, or common law (See section 14411 et seq. Business and Professions Code)Publish: Mountain Views News

Dates Pub: Dec. 31, 2011 Jan. 07, 14, 21, 2012

FICTITIOUS BUSINESS NAME STATEMENT

File No. 2011-153451

The following person(s) is (are) doing business as: DE LA CRUZ DENTAL GROUP, 746 S. ALVARADO ST., L.A., CA 90057. Full name of registrant(s) is (are) DENTAL CORPORATION, 746 S. ALVARADO ST., L.A., CA 90057. This Business is conducted by: A CORPORATION. Signed: GLORIA MONICA RODRIGUEZ. This statement was filed with the County Clerk of Los Angeles County on 12/22/11. The registrant(s) has (have) commenced to transact business under the fictitious business name or names listed above on 07/08/2010. NOTICE- This Fictitious Name Statement expires five years from the date it was filed in the office of the County Clerk. A new Fictitious Business Name Statement must be filed prior to that date. The filing of this statement does not of itself authorize the use in this state of a Fictitious Business Name in violation of the rights of another under Federal, State, or common law (See section 14411 et seq. Business and Professions Code)Publish: Mountain Views News

Dates Pub: Dec. 31, 2011 Jan. 07, 14, 21, 2012

FICTITIOUS BUSINESS NAME STATEMENT

File No. 2011-141584

The following person(s) is (are) doing business as: DESTINATION DREAMERS TRAVEL, 3521 E. LYNWOOD AVE., LYNWOOD, CA 90262. Full name of registrant(s) is (are) RAFAEL ANTILLON, 3553 WALKING HORSE LANE, WALNUT, CA 91789. This Business is conducted by: AN INDIVIDUAL. Signed: RAFAEL ANTILLON. This statement was filed with the County Clerk of Los Angeles County on 12/02/11. The registrant(s) has (have) commenced to transact business under the fictitious business name or names listed above on 01/02/2012. NOTICE- This Fictitious Name Statement expires five years from the date it was filed in the office of the County Clerk. A new Fictitious Business Name Statement must be filed prior to that date. The filing of this statement does not of itself authorize the use in this state of a Fictitious Business Name in violation of the rights of another under Federal, State, or common law (See section 14411 et seq. Business and Professions Code)Publish: Mountain Views News

Dates Pub: Dec. 31, 2011 Jan. 07, 14, 21, 2012

FICTITIOUS BUSINESS NAME STATEMENT

File No. 2011-149986

The following person(s) is (are) doing business as: DEPOT ABAI TRANSPORTATION SERVICE, 8750 WASHINGTON BLVD., L.A., CA 90022. Full name of registrant(s) is (are) JUAN FUENTES, 8750 WASHINGTON BLVD., L.A., CA 90022. This Business is conducted by: AN INDIVIDUAL. Signed: JUAN FUENTES. This statement was filed with the County Clerk of Los Angeles County on 12/16/11. The registrant(s) has (have) commenced to transact business under the fictitious business name or names listed above on N/A. NOTICE- This Fictitious Name Statement expires five years from the date it was filed in the office of the County Clerk. A new Fictitious Business Name Statement must be filed prior to that date. The filing of this statement does not of itself authorize the use in this state of a Fictitious Business Name in violation of the rights of another under Federal, State, or common law (See section 14411 et seq. Business and Professions Code)Publish: Mountain Views News

Dates Pub: Dec. 31, 2011 Jan. 07, 14, 21, 2012

FICTITIOUS BUSINESS NAME STATEMENT

File No. 2011-150803

The following person(s) is (are) doing business as: DIAMOND DEAL, 2760 S. DIAMOND BAR BLVD. UNIT H, DIAMOND BAR, CA 91765. Full name of registrant(s) is (are) BRANDON CURRY, 2760 S. DIAMOND BAR BLVD. UNIT H, DIAMOND BAR, CA 91765; CHAD GARRETT, 25509 LEDYS AVE., MORENO VALLEY, CA 92551. This Business is conducted by: CO-PARTNERS. Signed: BRANDON GARRETT. This statement was filed with the County Clerk of Los Angeles County on 12/19/11. The registrant(s) has (have) commenced to transact business under the fictitious business name or names listed above on 11/01/2011. NOTICE- This Fictitious Name Statement expires five years from the date it was filed in the office of the County Clerk.

Dates Pub: Dec. 31, 2011 Jan. 07, 14, 21, 2012

FICTITIOUS BUSINESS NAME STATEMENT

File No. 2011-151118

The following person(s) is (are) doing business as: DOUG AUDETTE ENTERPRISES, 12118 SAGEBURY AVE., LA MIRADA, CA 90638. Full name of registrant(s) is (are) DOUG AUDETTE, 12118 SAGEBURY AVE., LA MIRADA, CA 90638. This Business is conducted by: AN INDIVIDUAL. Signed: DOUG AUDETTE. This statement was filed with the County Clerk of Los Angeles County on 12/19/11. The registrant(s) has (have) commenced to transact business under the fictitious business name or names listed above on N/A. NOTICE- This Fictitious Name Statement expires five years from the date it was filed in the office of the County Clerk.

Dates Pub: Dec. 31, 2011 Jan. 07, 14, 21, 2012

FICTITIOUS BUSINESS NAME STATEMENT

File No. 2011-155222

The following person(s) is (are) doing business as: DOWNEY INJURY CENTER, 8345 E. FLORENCE AVE. #A, DOWNEY, CA 90240. Full name of registrant(s) is (are) INJURY CENTER, 8345 E. FLORENCE AVE. #A, DOWNEY, CA 90240. This Business is conducted by: A CORPORATION. This statement was filed with the County Clerk of Los Angeles County on 12/23/11. The registrant(s) has (have) commenced to transact business under the fictitious business name or names listed above on N/A. NOTICE- This Fictitious Name Statement expires five years from the date it was filed in the office of the County Clerk. A new Fictitious Business Name Statement must be filed prior to that date. The filing of this statement does not of itself authorize the use in this state of a Fictitious Business Name in violation of the rights of another under Federal, State, or common law (See section 14411 et seq. Business and Professions Code)Publish: Mountain Views News

Dates Pub: Dec. 31, 2011 Jan. 07, 14, 21, 2012

Mountain Views News 80 W Sierra Madre Blvd. No. 327 Sierra Madre, Ca. 91024 Office: 626.355.2737 Fax: 626.609.3285 Email: editor@mtnviewsnews.com Website: www.mtnviewsnews.com
